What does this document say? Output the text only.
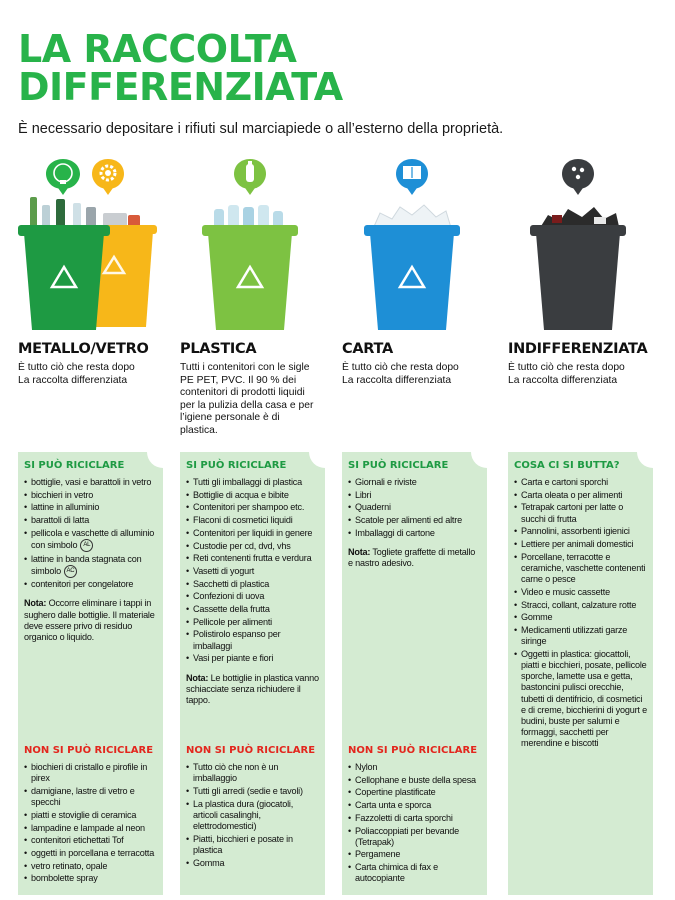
LA RACCOLTA
DIFFERENZIATA
È necessario depositare i rifiuti sul marciapiede o all’esterno della proprietà.
METALLO/VETRO
È tutto ciò che resta dopo
La raccolta differenziata
PLASTICA
Tutti i contenitori con le sigle PE PET, PVC. Il 90 % dei contenitori di prodotti liquidi per la pulizia della casa e per l’igiene personale è di plastica.
CARTA
È tutto ciò che resta dopo
La raccolta differenziata
INDIFFERENZIATA
È tutto ciò che resta dopo
La raccolta differenziata
SI PUÒ RICICLARE
• bottiglie, vasi e barattoli in vetro
• bicchieri in vetro
• lattine in alluminio
• barattoli di latta
• pellicola e vaschette di alluminio con simbolo AL
• lattine in banda stagnata con simbolo AC
• contenitori per congelatore

Nota: Occorre eliminare i tappi in sughero dalle bottiglie. Il materiale deve essere privo di residuo organico o liquido.

NON SI PUÒ RICICLARE
• biochieri di cristallo e pirofile in pirex
• damigiane, lastre di vetro e specchi
• piatti e stoviglie di ceramica
• lampadine e lampade al neon
• contenitori etichettati Tof
• oggetti in porcellana e terracotta
• vetro retinato, opale
• bombolette spray
SI PUÒ RICICLARE
• Tutti gli imballaggi di plastica
• Bottiglie di acqua e bibite
• Contenitori per shampoo etc.
• Flaconi di cosmetici liquidi
• Contenitori per liquidi in genere
• Custodie per cd, dvd, vhs
• Reti contenenti frutta e verdura
• Vasetti di yogurt
• Sacchetti di plastica
• Confezioni di uova
• Cassette della frutta
• Pellicole per alimenti
• Polistirolo espanso per imballaggi
• Vasi per piante e fiori

Nota: Le bottiglie in plastica vanno schiacciate senza richiudere il tappo.

NON SI PUÒ RICICLARE
• Tutto ciò che non è un imballaggio
• Tutti gli arredi (sedie e tavoli)
• La plastica dura (giocatoli, articoli casalinghi, elettrodomestici)
• Piatti, bicchieri e posate in plastica
• Gomma
SI PUÒ RICICLARE
• Giornali e riviste
• Libri
• Quaderni
• Scatole per alimenti ed altre
• Imballaggi di cartone

Nota: Togliete graffette di metallo e nastro adesivo.

NON SI PUÒ RICICLARE
• Nylon
• Cellophane e buste della spesa
• Copertine plastificate
• Carta unta e sporca
• Fazzoletti di carta sporchi
• Poliaccoppiati per bevande (Tetrapak)
• Pergamene
• Carta chimica di fax e autocopiante
COSA CI SI BUTTA?
• Carta e cartoni sporchi
• Carta oleata o per alimenti
• Tetrapak cartoni per latte o succhi di frutta
• Pannolini, assorbenti igienici
• Lettiere per animali domestici
• Porcellane, terracotte e ceramiche, vaschette contenenti carne o pesce
• Video e music cassette
• Stracci, collant, calzature rotte
• Gomme
• Medicamenti utilizzati garze siringe
• Oggetti in plastica: giocattoli, piatti e bicchieri, posate, pellicole sporche, lamette usa e getta, bastoncini pulisci orecchie, tubetti di dentifricio, di cosmetici e di creme, bicchierini di yogurt e budini, buste per salumi e formaggi, sacchetti per merendine e biscotti
